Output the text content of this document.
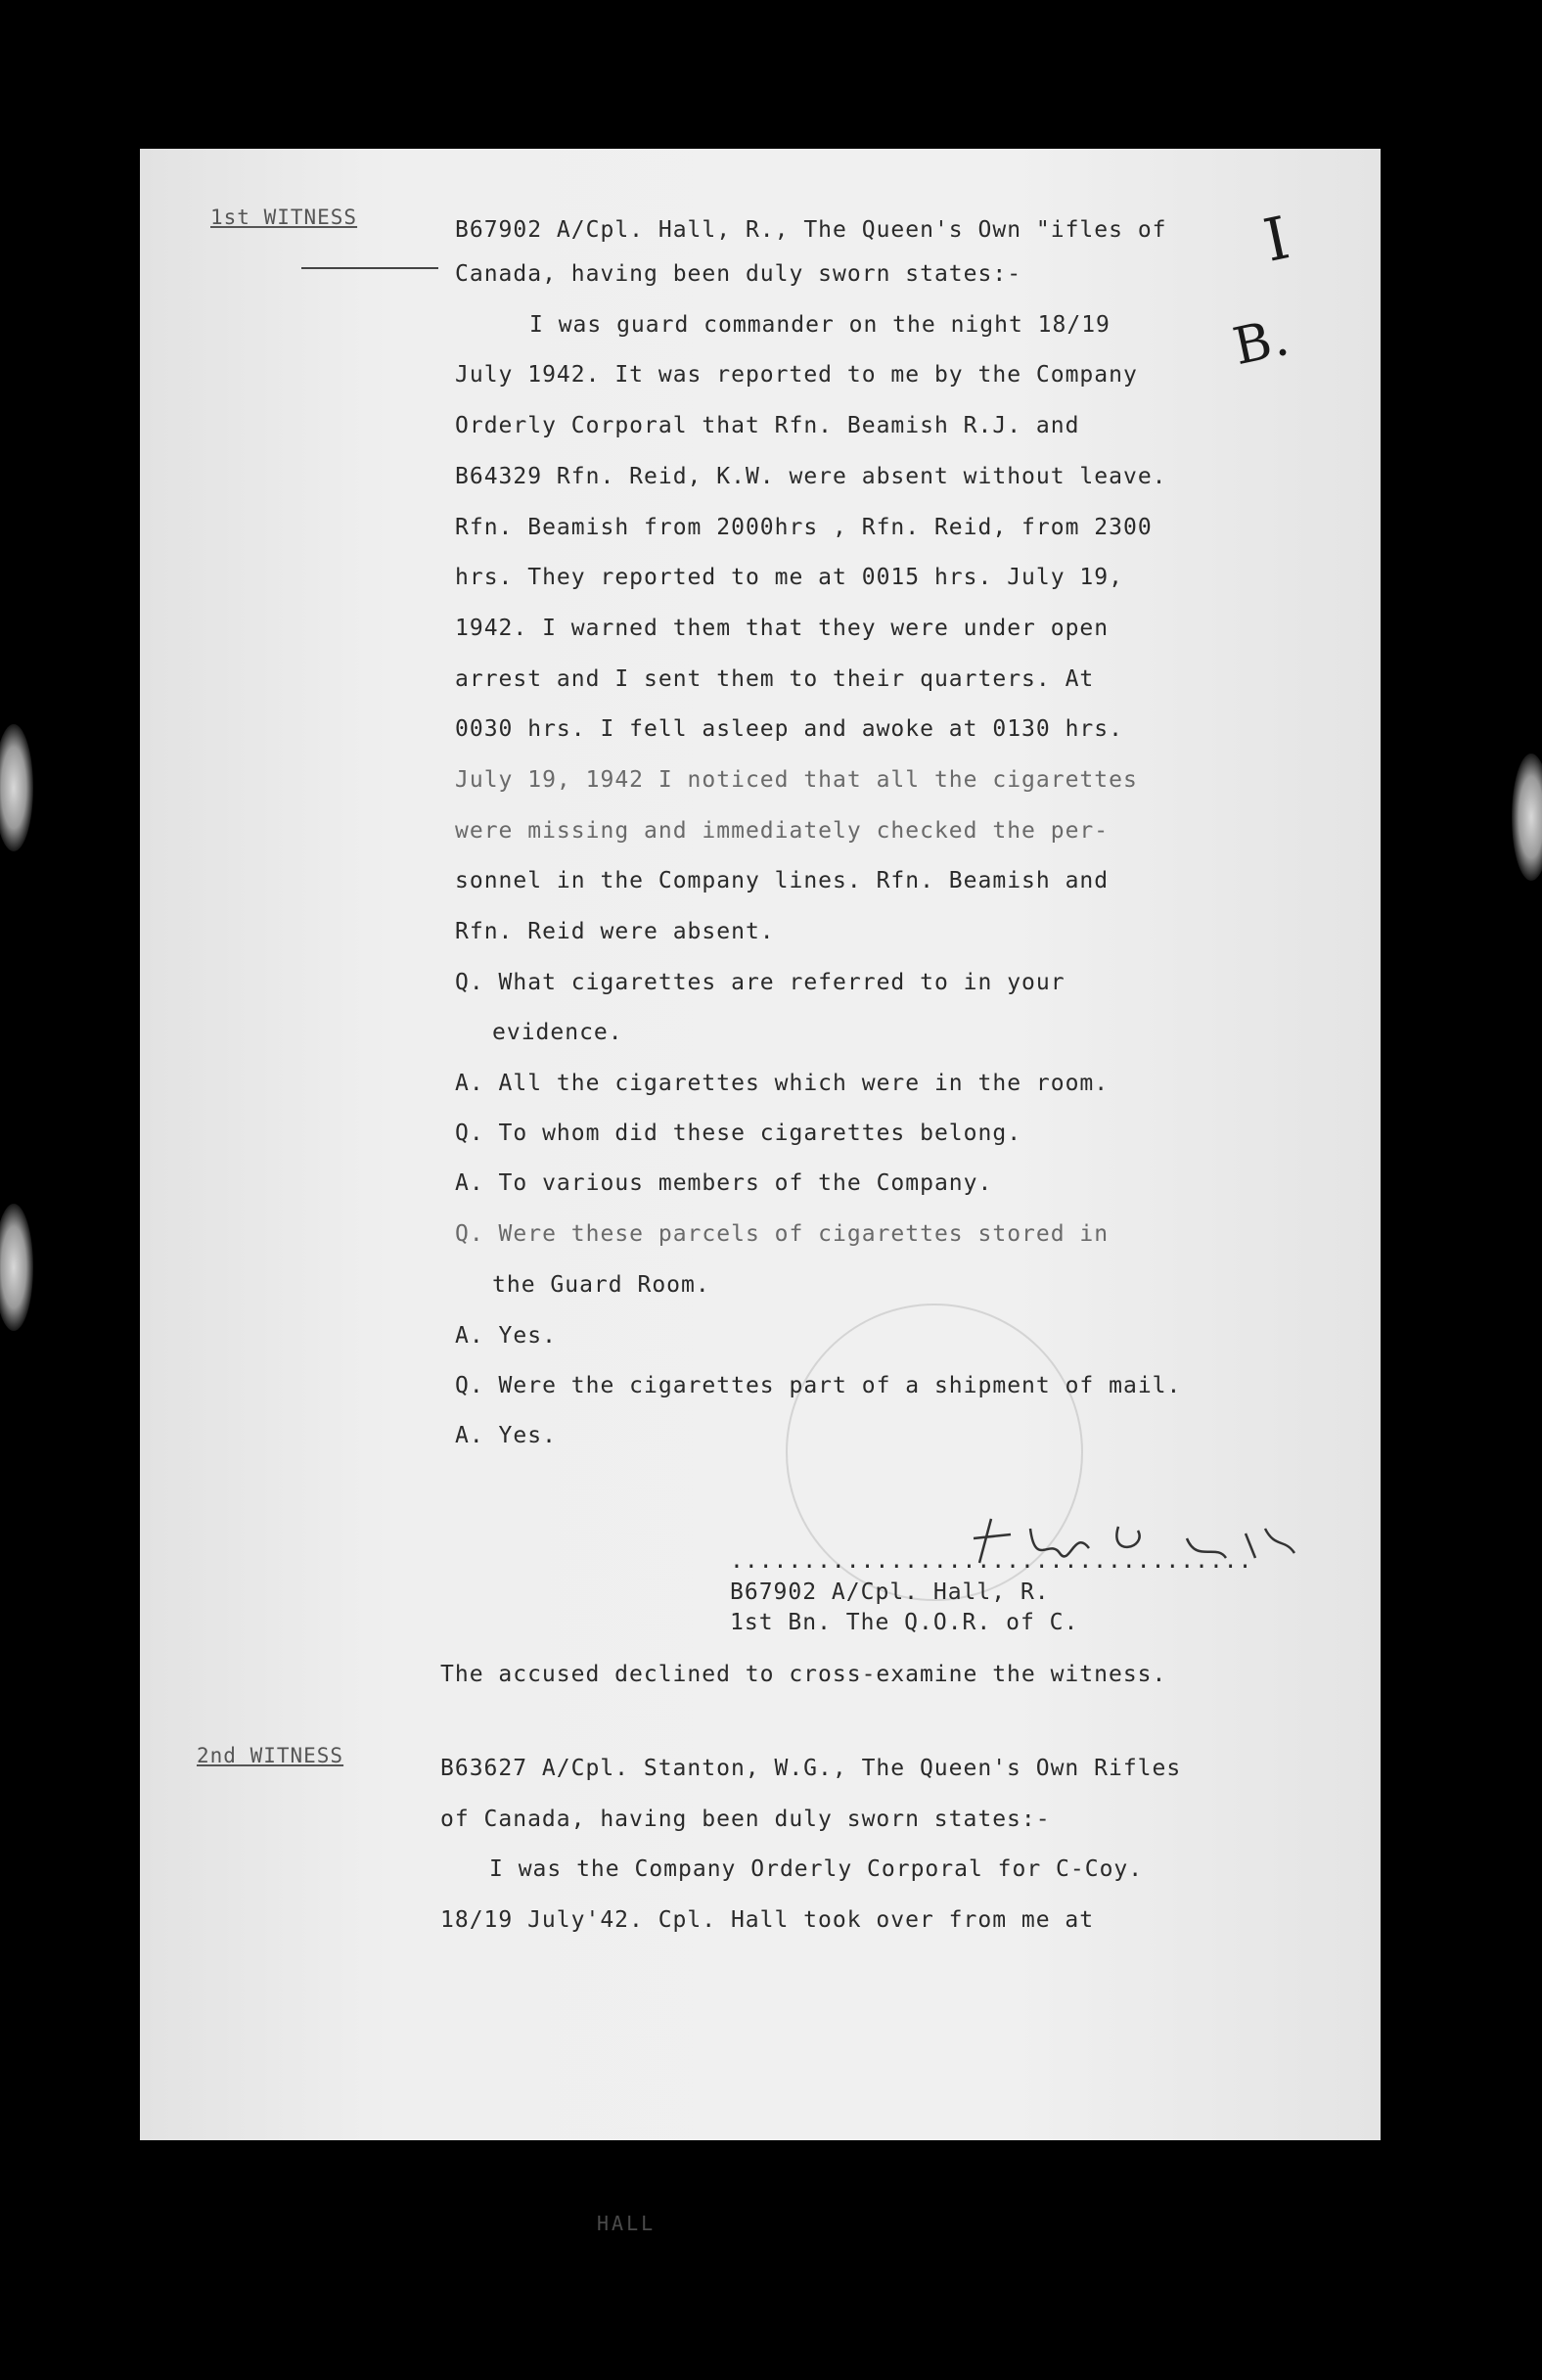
1st WITNESS	B67902 A/Cpl. Hall, R., The Queen's Own "ifles of
Canada, having been duly sworn states:-
I was guard commander on the night 18/19
July 1942. It was reported to me by the Company
Orderly Corporal that Rfn. Beamish R.J. and
B64329 Rfn. Reid, K.W. were absent without leave.
Rfn. Beamish from 2000hrs , Rfn. Reid, from 2300
hrs. They reported to me at 0015 hrs. July 19,
1942. I warned them that they were under open
arrest and I sent them to their quarters. At
0030 hrs. I fell asleep and awoke at 0130 hrs.
July 19, 1942 I noticed that all the cigarettes
were missing and immediately checked the per-
sonnel in the Company lines. Rfn. Beamish and
Rfn. Reid were absent.
Q. What cigarettes are referred to in your
evidence.
A. All the cigarettes which were in the room.
Q. To whom did these cigarettes belong.
A. To various members of the Company.
Q. Were these parcels of cigarettes stored in
the Guard Room.
A. Yes.
Q. Were the cigarettes part of a shipment of mail.
A. Yes.
....................................
B67902 A/Cpl. Hall, R.
1st Bn. The Q.O.R. of C.
The accused declined to cross-examine the witness.
2nd WITNESS	B63627 A/Cpl. Stanton, W.G., The Queen's Own Rifles
of Canada, having been duly sworn states:-
I was the Company Orderly Corporal for C-Coy.
18/19 July'42. Cpl. Hall took over from me at
I
B.
HALL
